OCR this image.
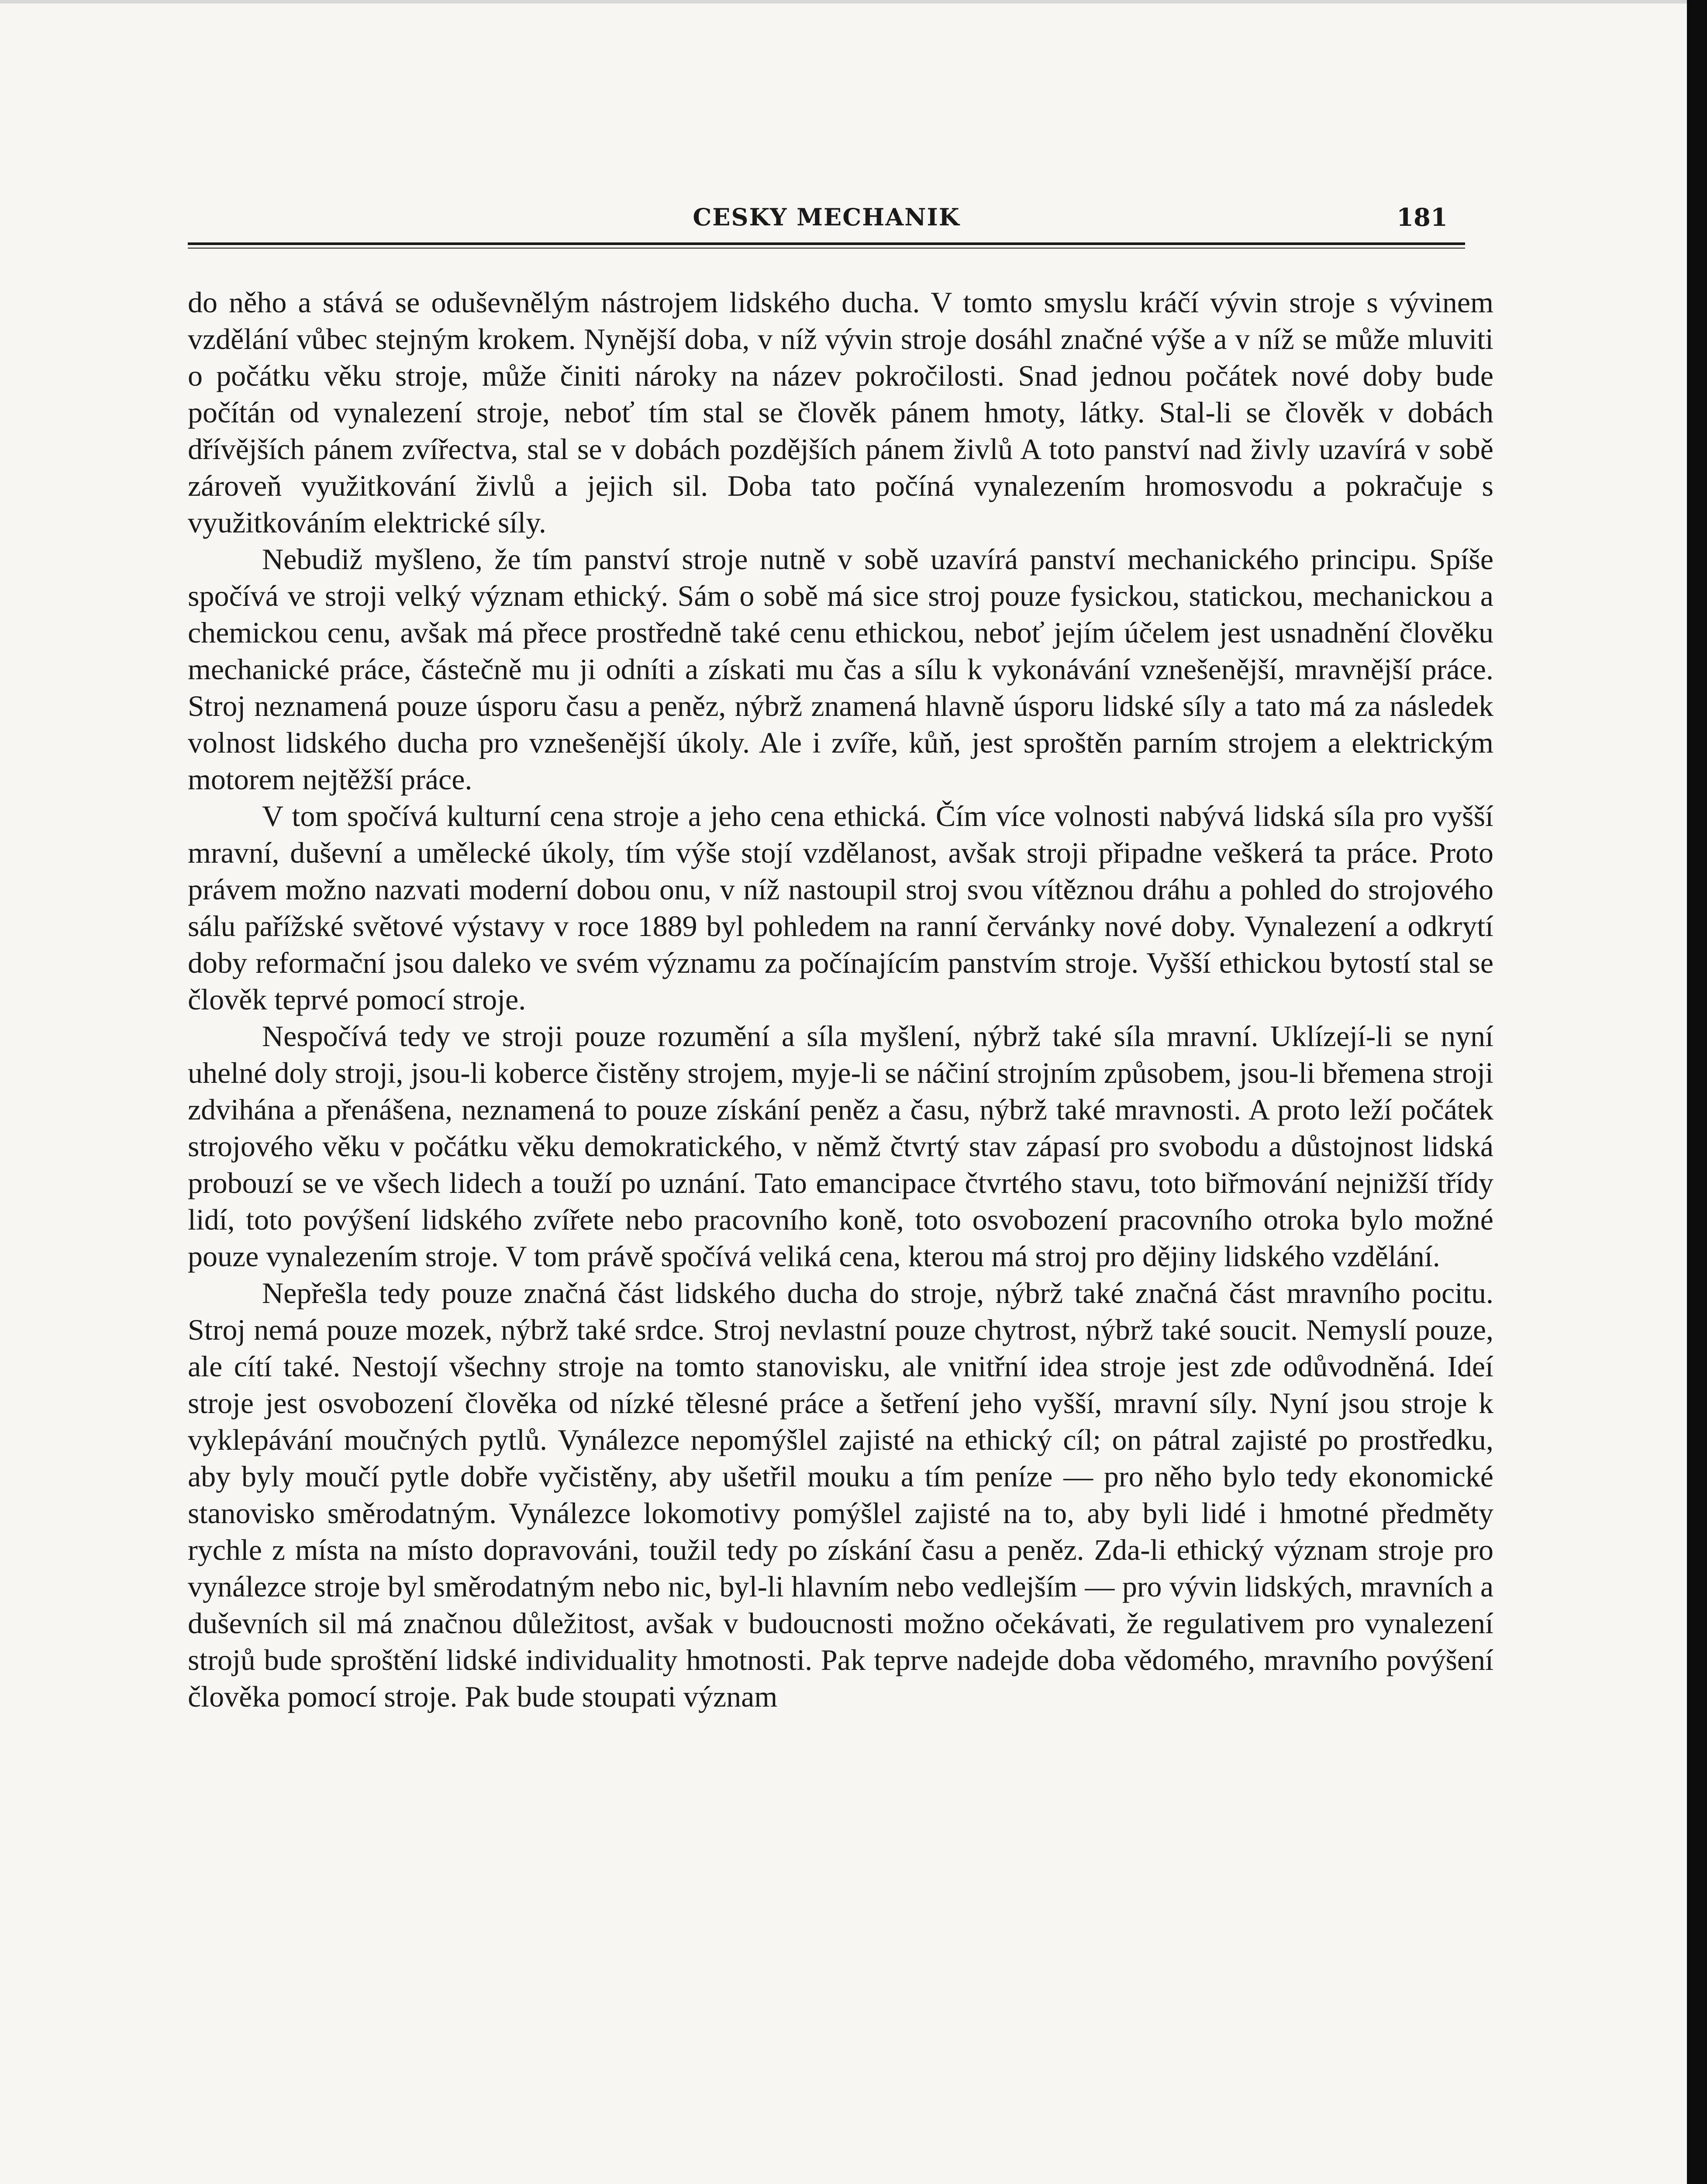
CESKY MECHANIK	181

do něho a stává se oduševnělým nástrojem lidského ducha. V tomto smyslu kráčí vývin stroje s vývinem vzdělání vůbec stejným krokem. Nynější doba, v níž vývin stroje dosáhl značné výše a v níž se může mluviti o počátku věku stroje, může činiti nároky na název pokročilosti. Snad jednou počátek nové doby bude počítán od vynalezení stroje, neboť tím stal se člověk pánem hmoty, látky. Stal-li se člověk v dobách dřívějších pánem zvířectva, stal se v dobách pozdějších pánem živlů A toto panství nad živly uzavírá v sobě zároveň využitkování živlů a jejich sil. Doba tato počíná vynalezením hromosvodu a pokračuje s využitkováním elektrické síly.

Nebudiž myšleno, že tím panství stroje nutně v sobě uzavírá panství mechanického principu. Spíše spočívá ve stroji velký význam ethický. Sám o sobě má sice stroj pouze fysickou, statickou, mechanickou a chemickou cenu, avšak má přece prostředně také cenu ethickou, neboť jejím účelem jest usnadnění člověku mechanické práce, částečně mu ji odníti a získati mu čas a sílu k vykonávání vznešenější, mravnější práce. Stroj neznamená pouze úsporu času a peněz, nýbrž znamená hlavně úsporu lidské síly a tato má za následek volnost lidského ducha pro vznešenější úkoly. Ale i zvíře, kůň, jest sproštěn parním strojem a elektrickým motorem nejtěžší práce.

V tom spočívá kulturní cena stroje a jeho cena ethická. Čím více volnosti nabývá lidská síla pro vyšší mravní, duševní a umělecké úkoly, tím výše stojí vzdělanost, avšak stroji připadne veškerá ta práce. Proto právem možno nazvati moderní dobou onu, v níž nastoupil stroj svou vítěznou dráhu a pohled do strojového sálu pařížské světové výstavy v roce 1889 byl pohledem na ranní červánky nové doby. Vynalezení a odkrytí doby reformační jsou daleko ve svém významu za počínajícím panstvím stroje. Vyšší ethickou bytostí stal se člověk teprvé pomocí stroje.

Nespočívá tedy ve stroji pouze rozumění a síla myšlení, nýbrž také síla mravní. Uklízejí-li se nyní uhelné doly stroji, jsou-li koberce čistěny strojem, myje-li se náčiní strojním způsobem, jsou-li břemena stroji zdvihána a přenášena, neznamená to pouze získání peněz a času, nýbrž také mravnosti. A proto leží počátek strojového věku v počátku věku demokratického, v němž čtvrtý stav zápasí pro svobodu a důstojnost lidská probouzí se ve všech lidech a touží po uznání. Tato emancipace čtvrtého stavu, toto biřmování nejnižší třídy lidí, toto povýšení lidského zvířete nebo pracovního koně, toto osvobození pracovního otroka bylo možné pouze vynalezením stroje. V tom právě spočívá veliká cena, kterou má stroj pro dějiny lidského vzdělání.

Nepřešla tedy pouze značná část lidského ducha do stroje, nýbrž také značná část mravního pocitu. Stroj nemá pouze mozek, nýbrž také srdce. Stroj nevlastní pouze chytrost, nýbrž také soucit. Nemyslí pouze, ale cítí také. Nestojí všechny stroje na tomto stanovisku, ale vnitřní idea stroje jest zde odůvodněná. Ideí stroje jest osvobození člověka od nízké tělesné práce a šetření jeho vyšší, mravní síly. Nyní jsou stroje k vyklepávání moučných pytlů. Vynálezce nepomýšlel zajisté na ethický cíl; on pátral zajisté po prostředku, aby byly moučí pytle dobře vyčistěny, aby ušetřil mouku a tím peníze — pro něho bylo tedy ekonomické stanovisko směrodatným. Vynálezce lokomotivy pomýšlel zajisté na to, aby byli lidé i hmotné předměty rychle z místa na místo dopravováni, toužil tedy po získání času a peněz. Zda-li ethický význam stroje pro vynálezce stroje byl směrodatným nebo nic, byl-li hlavním nebo vedlejším — pro vývin lidských, mravních a duševních sil má značnou důležitost, avšak v budoucnosti možno očekávati, že regulativem pro vynalezení strojů bude sproštění lidské individuality hmotnosti. Pak teprve nadejde doba vědomého, mravního povýšení člověka pomocí stroje. Pak bude stoupati význam
